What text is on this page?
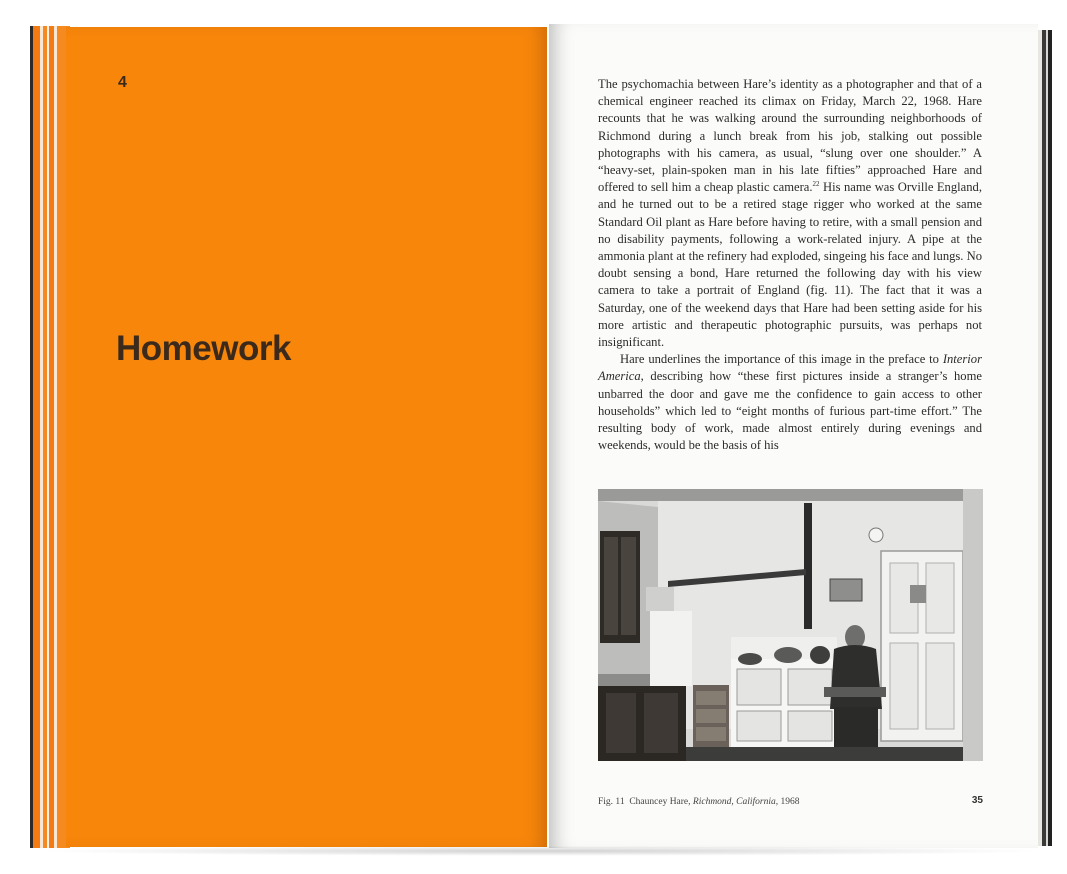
4
Homework

The psychomachia between Hare’s identity as a photographer and that of a chemical engineer reached its climax on Friday, March 22, 1968. Hare recounts that he was walking around the surrounding neighborhoods of Richmond during a lunch break from his job, stalking out possible photographs with his camera, as usual, “slung over one shoulder.” A “heavy-set, plain-spoken man in his late fifties” approached Hare and offered to sell him a cheap plastic camera.$^{22}$ His name was Orville England, and he turned out to be a retired stage rigger who worked at the same Standard Oil plant as Hare before having to retire, with a small pension and no disability payments, following a work-related injury. A pipe at the ammonia plant at the refinery had exploded, singeing his face and lungs. No doubt sensing a bond, Hare returned the following day with his view camera to take a portrait of England (fig. 11). The fact that it was a Saturday, one of the weekend days that Hare had been setting aside for his more artistic and therapeutic photographic pursuits, was perhaps not insignificant.

Hare underlines the importance of this image in the preface to Interior America, describing how “these first pictures inside a stranger’s home unbarred the door and gave me the confidence to gain access to other households” which led to “eight months of furious part-time effort.” The resulting body of work, made almost entirely during evenings and weekends, would be the basis of his

Fig. 11 Chauncey Hare, Richmond, California, 1968	35
